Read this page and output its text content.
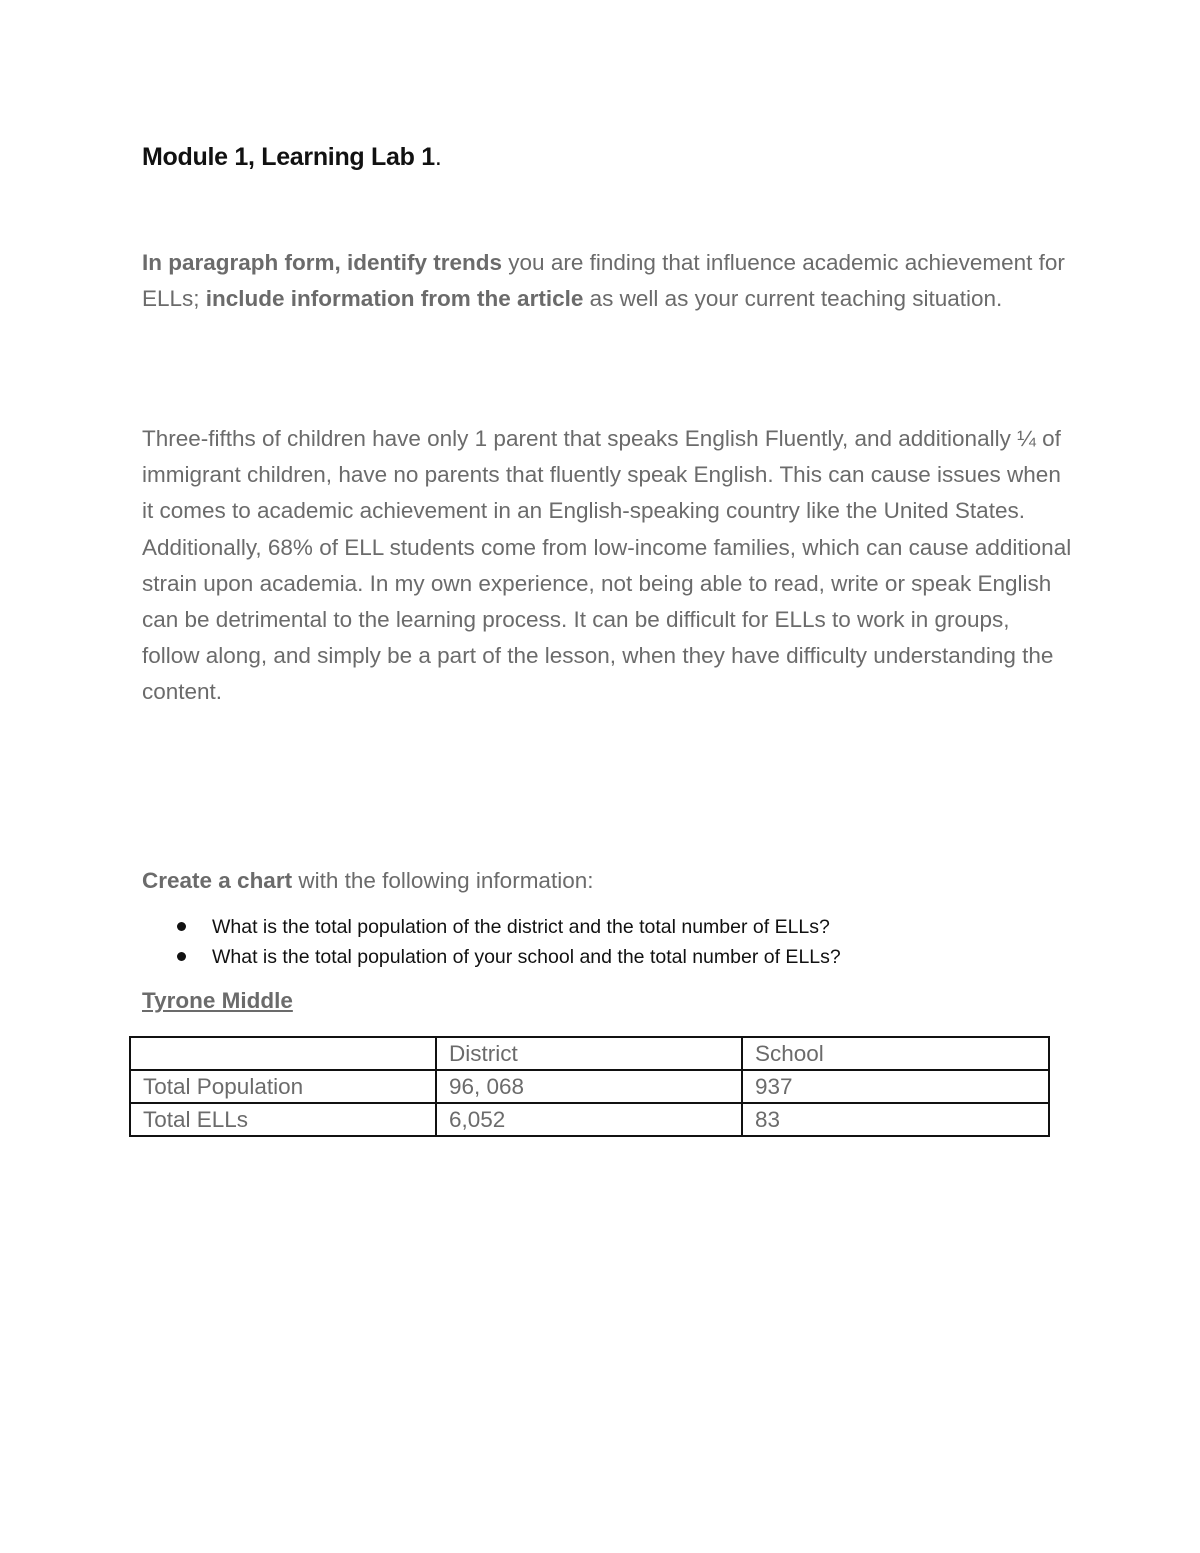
Module 1, Learning Lab 1.
In paragraph form, identify trends you are finding that influence academic achievement for ELLs; include information from the article as well as your current teaching situation.
Three-fifths of children have only 1 parent that speaks English Fluently, and additionally ¼ of immigrant children, have no parents that fluently speak English. This can cause issues when it comes to academic achievement in an English-speaking country like the United States. Additionally, 68% of ELL students come from low-income families, which can cause additional strain upon academia. In my own experience, not being able to read, write or speak English can be detrimental to the learning process. It can be difficult for ELLs to work in groups, follow along, and simply be a part of the lesson, when they have difficulty understanding the content.
Create a chart with the following information:
What is the total population of the district and the total number of ELLs?
What is the total population of your school and the total number of ELLs?
Tyrone Middle
	District	School
Total Population	96, 068	937
Total ELLs	6,052	83
